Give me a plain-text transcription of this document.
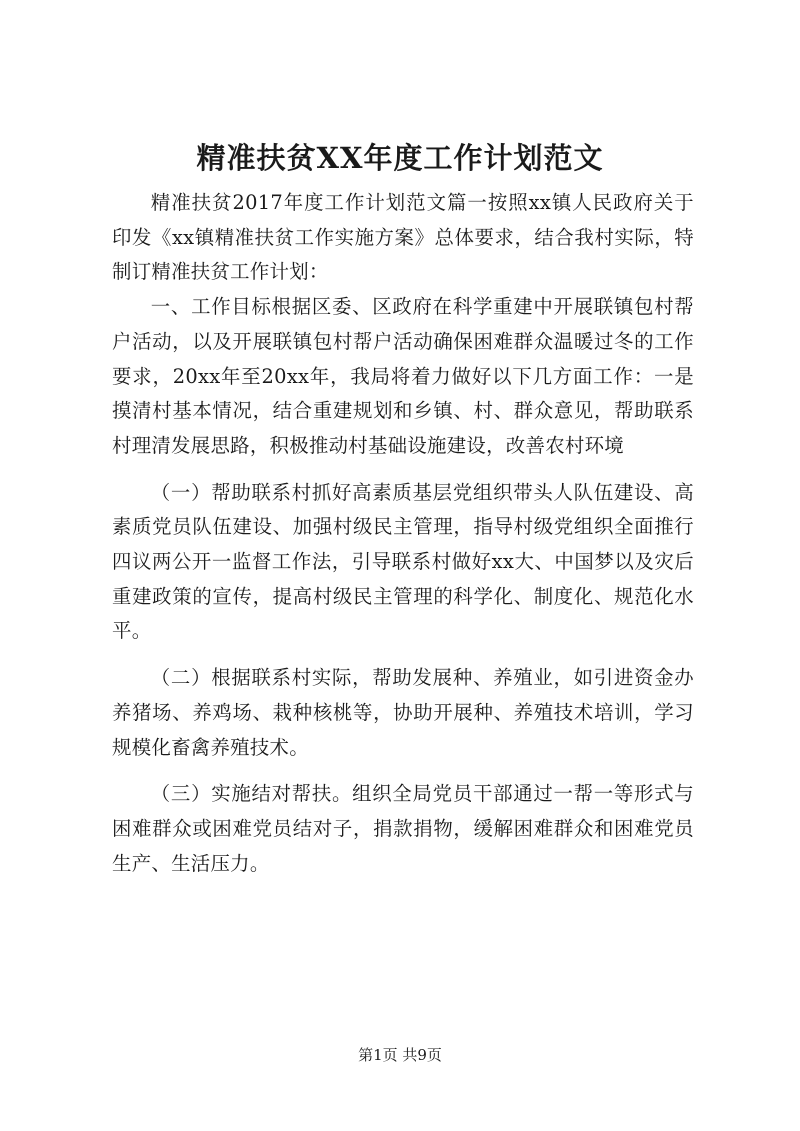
精准扶贫XX年度工作计划范文

精准扶贫2017年度工作计划范文篇一按照xx镇人民政府关于印发《xx镇精准扶贫工作实施方案》总体要求，结合我村实际，特制订精准扶贫工作计划：

一、工作目标根据区委、区政府在科学重建中开展联镇包村帮户活动，以及开展联镇包村帮户活动确保困难群众温暖过冬的工作要求，20xx年至20xx年，我局将着力做好以下几方面工作：一是摸清村基本情况，结合重建规划和乡镇、村、群众意见，帮助联系村理清发展思路，积极推动村基础设施建设，改善农村环境

（一）帮助联系村抓好高素质基层党组织带头人队伍建设、高素质党员队伍建设、加强村级民主管理，指导村级党组织全面推行四议两公开一监督工作法，引导联系村做好xx大、中国梦以及灾后重建政策的宣传，提高村级民主管理的科学化、制度化、规范化水平。

（二）根据联系村实际，帮助发展种、养殖业，如引进资金办养猪场、养鸡场、栽种核桃等，协助开展种、养殖技术培训，学习规模化畜禽养殖技术。

（三）实施结对帮扶。组织全局党员干部通过一帮一等形式与困难群众或困难党员结对子，捐款捐物，缓解困难群众和困难党员生产、生活压力。

第1页 共9页
